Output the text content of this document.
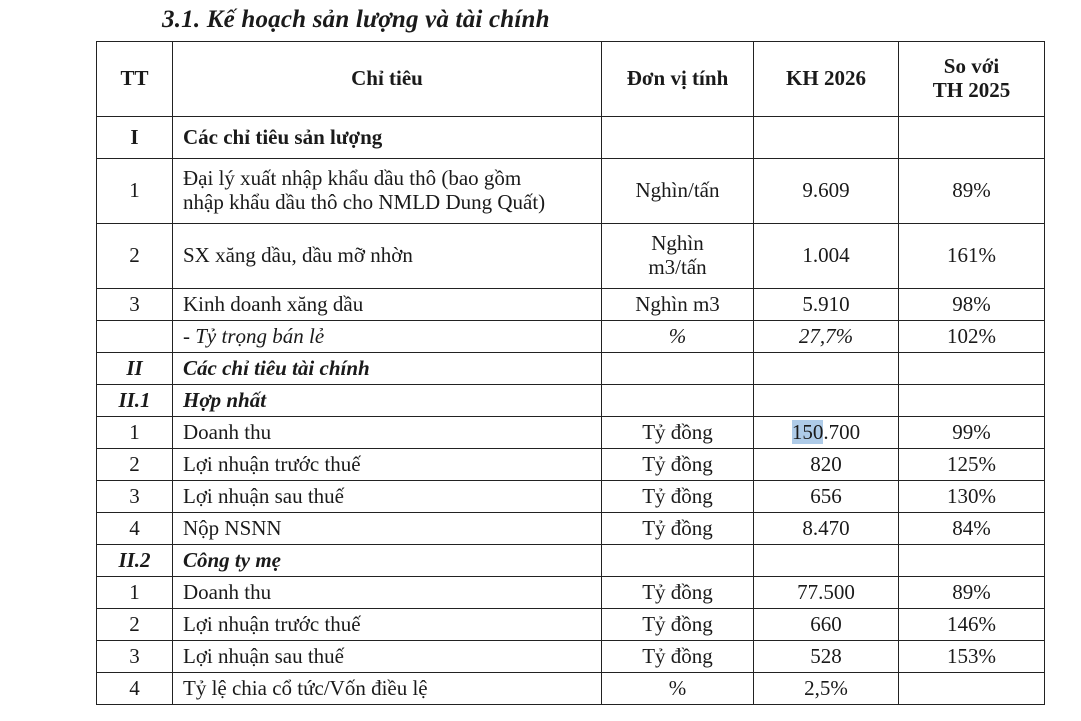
3.1. Kế hoạch sản lượng và tài chính
TT	Chỉ tiêu	Đơn vị tính	KH 2026	So với
TH 2025
I	Các chỉ tiêu sản lượng			
1	Đại lý xuất nhập khẩu dầu thô (bao gồm
nhập khẩu dầu thô cho NMLD Dung Quất)	Nghìn/tấn	9.609	89%
2	SX xăng dầu, dầu mỡ nhờn	Nghìn
m3/tấn	1.004	161%
3	Kinh doanh xăng dầu	Nghìn m3	5.910	98%
	- Tỷ trọng bán lẻ	%	27,7%	102%
II	Các chỉ tiêu tài chính			
II.1	Hợp nhất			
1	Doanh thu	Tỷ đồng	150.700	99%
2	Lợi nhuận trước thuế	Tỷ đồng	820	125%
3	Lợi nhuận sau thuế	Tỷ đồng	656	130%
4	Nộp NSNN	Tỷ đồng	8.470	84%
II.2	Công ty mẹ			
1	Doanh thu	Tỷ đồng	77.500	89%
2	Lợi nhuận trước thuế	Tỷ đồng	660	146%
3	Lợi nhuận sau thuế	Tỷ đồng	528	153%
4	Tỷ lệ chia cổ tức/Vốn điều lệ	%	2,5%	
